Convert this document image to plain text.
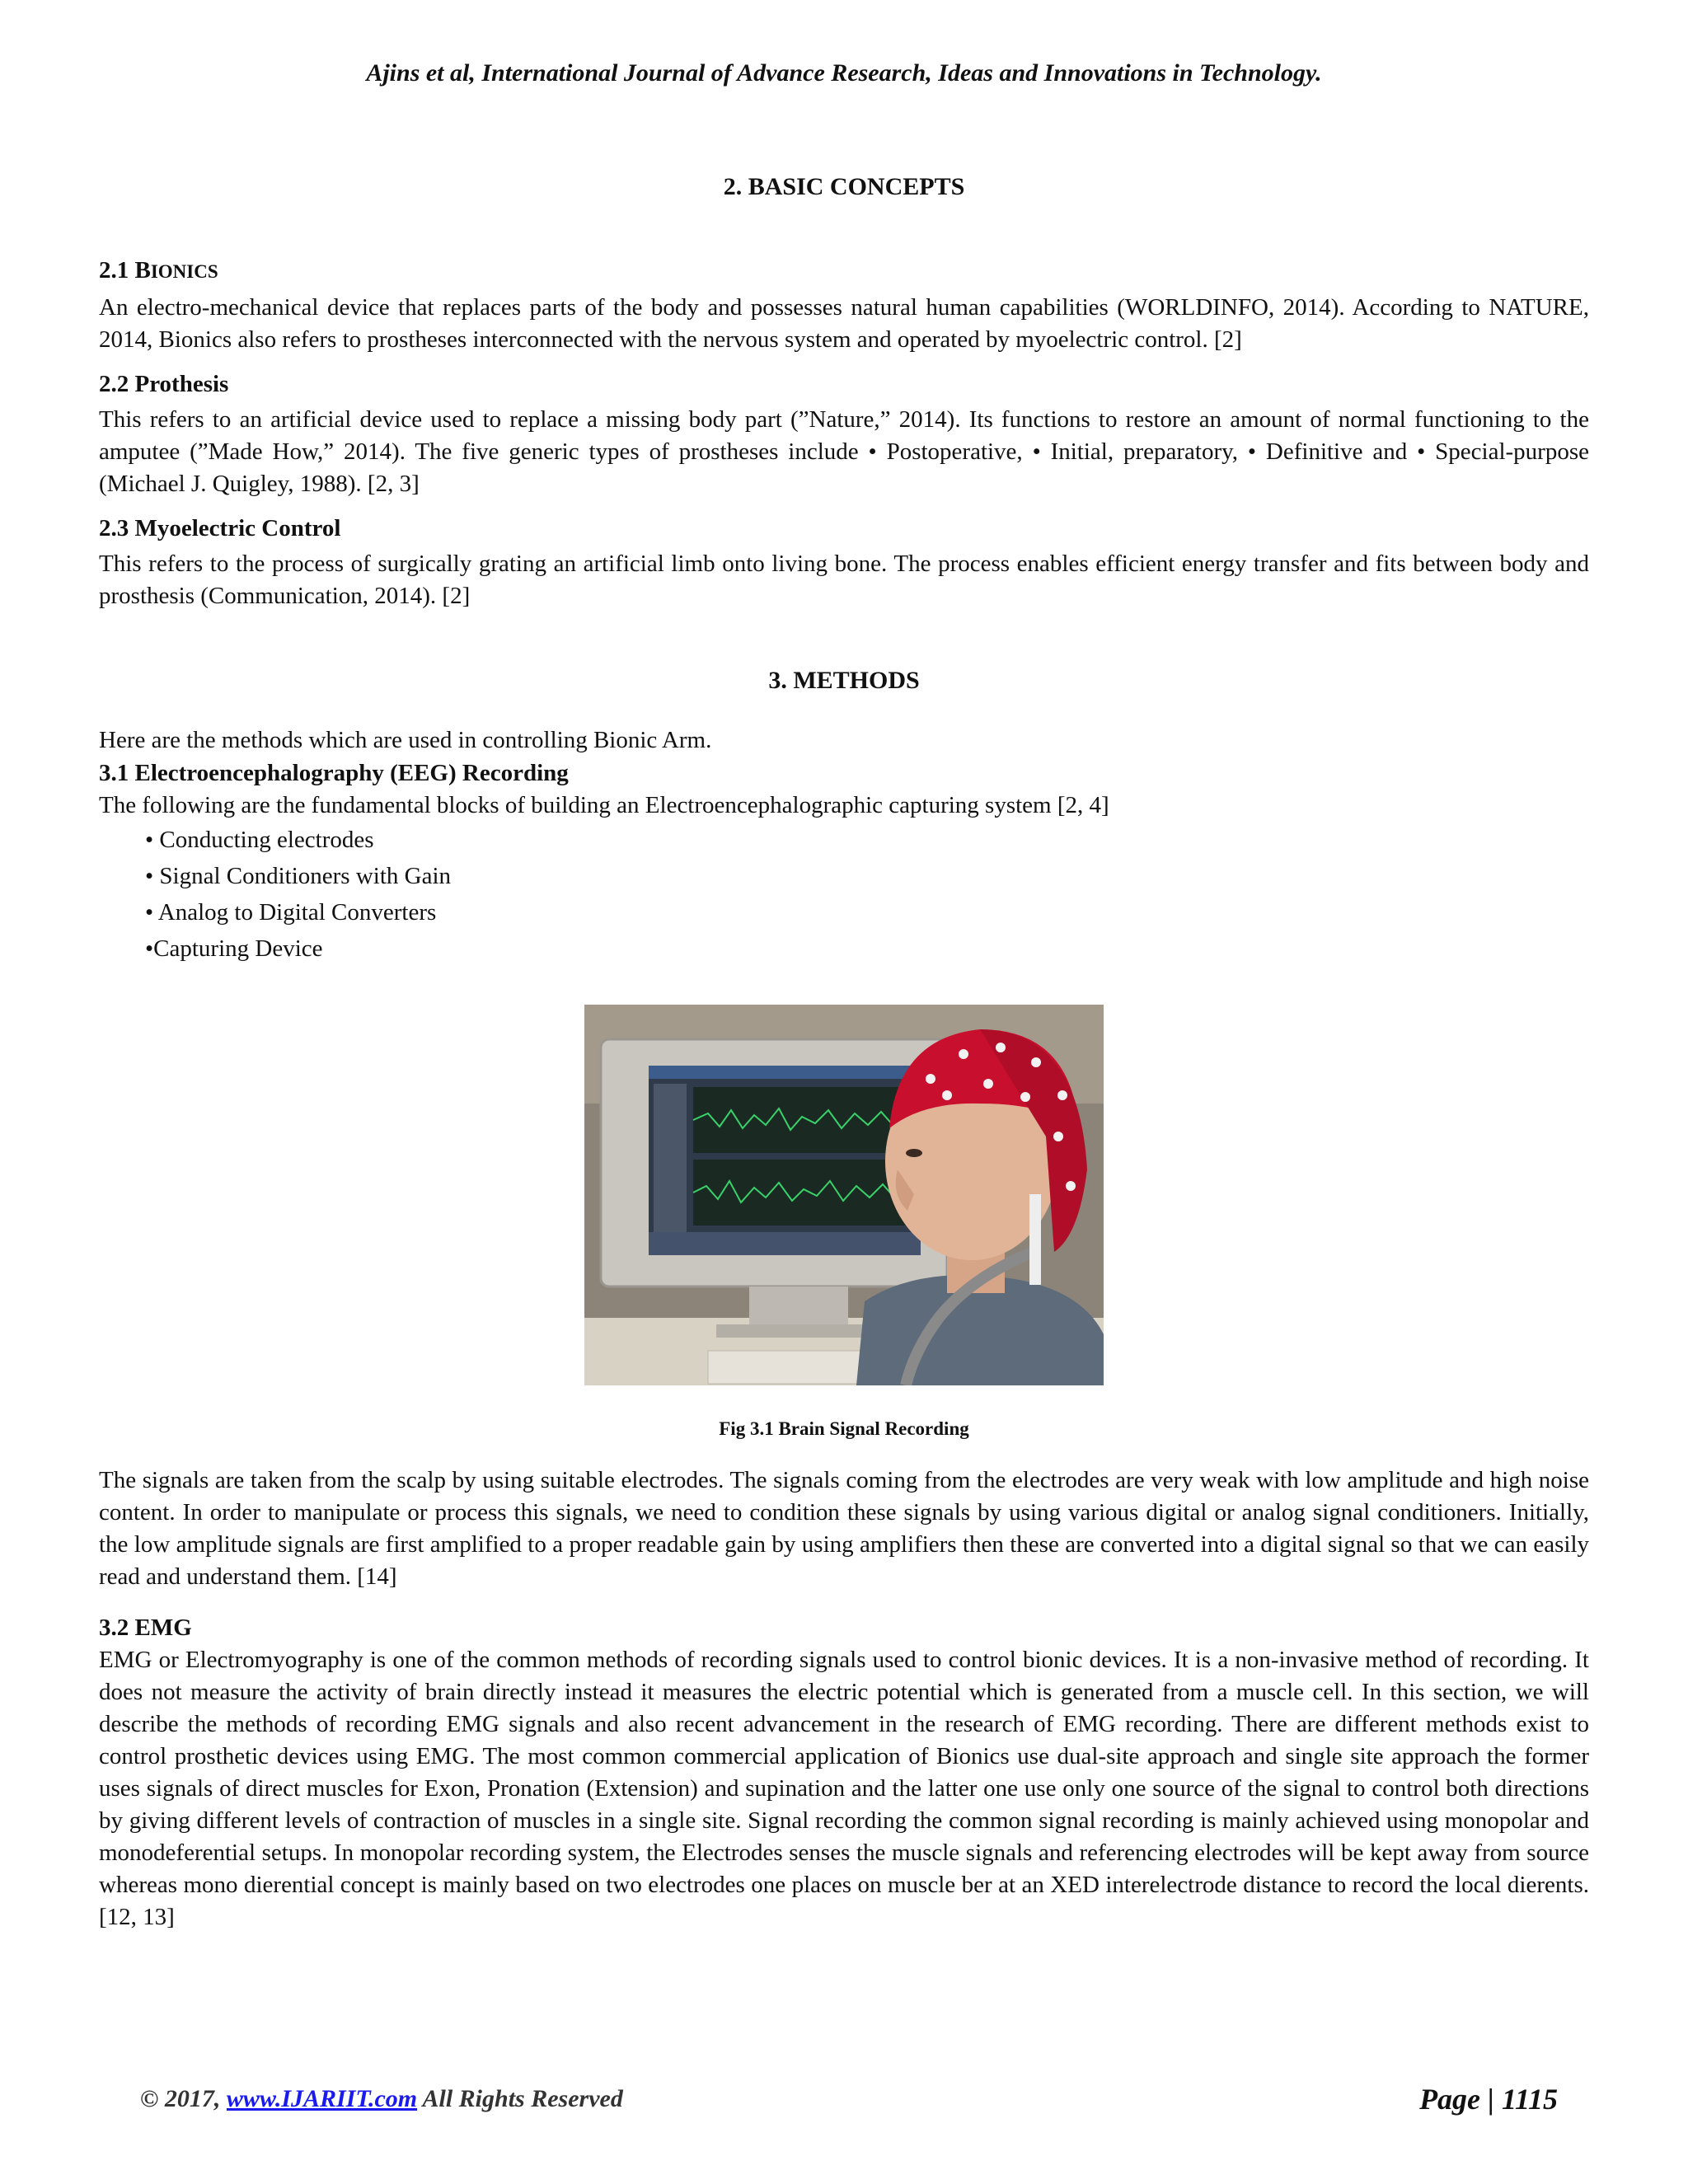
Ajins et al, International Journal of Advance Research, Ideas and Innovations in Technology.
2. BASIC CONCEPTS
2.1 BIONICS

An electro-mechanical device that replaces parts of the body and possesses natural human capabilities (WORLDINFO, 2014). According to NATURE, 2014, Bionics also refers to prostheses interconnected with the nervous system and operated by myoelectric control. [2]

2.2 Prothesis

This refers to an artificial device used to replace a missing body part (”Nature,” 2014). Its functions to restore an amount of normal functioning to the amputee (”Made How,” 2014). The five generic types of prostheses include • Postoperative, • Initial, preparatory, • Definitive and • Special-purpose (Michael J. Quigley, 1988). [2, 3]

2.3 Myoelectric Control

This refers to the process of surgically grating an artificial limb onto living bone. The process enables efficient energy transfer and fits between body and prosthesis (Communication, 2014). [2]

3. METHODS

Here are the methods which are used in controlling Bionic Arm.

3.1 Electroencephalography (EEG) Recording

The following are the fundamental blocks of building an Electroencephalographic capturing system [2, 4]

• Conducting electrodes
• Signal Conditioners with Gain
• Analog to Digital Converters
•Capturing Device

Fig 3.1 Brain Signal Recording

The signals are taken from the scalp by using suitable electrodes. The signals coming from the electrodes are very weak with low amplitude and high noise content. In order to manipulate or process this signals, we need to condition these signals by using various digital or analog signal conditioners. Initially, the low amplitude signals are first amplified to a proper readable gain by using amplifiers then these are converted into a digital signal so that we can easily read and understand them. [14]

3.2 EMG

EMG or Electromyography is one of the common methods of recording signals used to control bionic devices. It is a non-invasive method of recording. It does not measure the activity of brain directly instead it measures the electric potential which is generated from a muscle cell. In this section, we will describe the methods of recording EMG signals and also recent advancement in the research of EMG recording. There are different methods exist to control prosthetic devices using EMG. The most common commercial application of Bionics use dual-site approach and single site approach the former uses signals of direct muscles for Exon, Pronation (Extension) and supination and the latter one use only one source of the signal to control both directions by giving different levels of contraction of muscles in a single site. Signal recording the common signal recording is mainly achieved using monopolar and monodeferential setups. In monopolar recording system, the Electrodes senses the muscle signals and referencing electrodes will be kept away from source whereas mono dierential concept is mainly based on two electrodes one places on muscle ber at an XED interelectrode distance to record the local dierents. [12, 13]

© 2017, www.IJARIIT.com All Rights Reserved	Page | 1115
